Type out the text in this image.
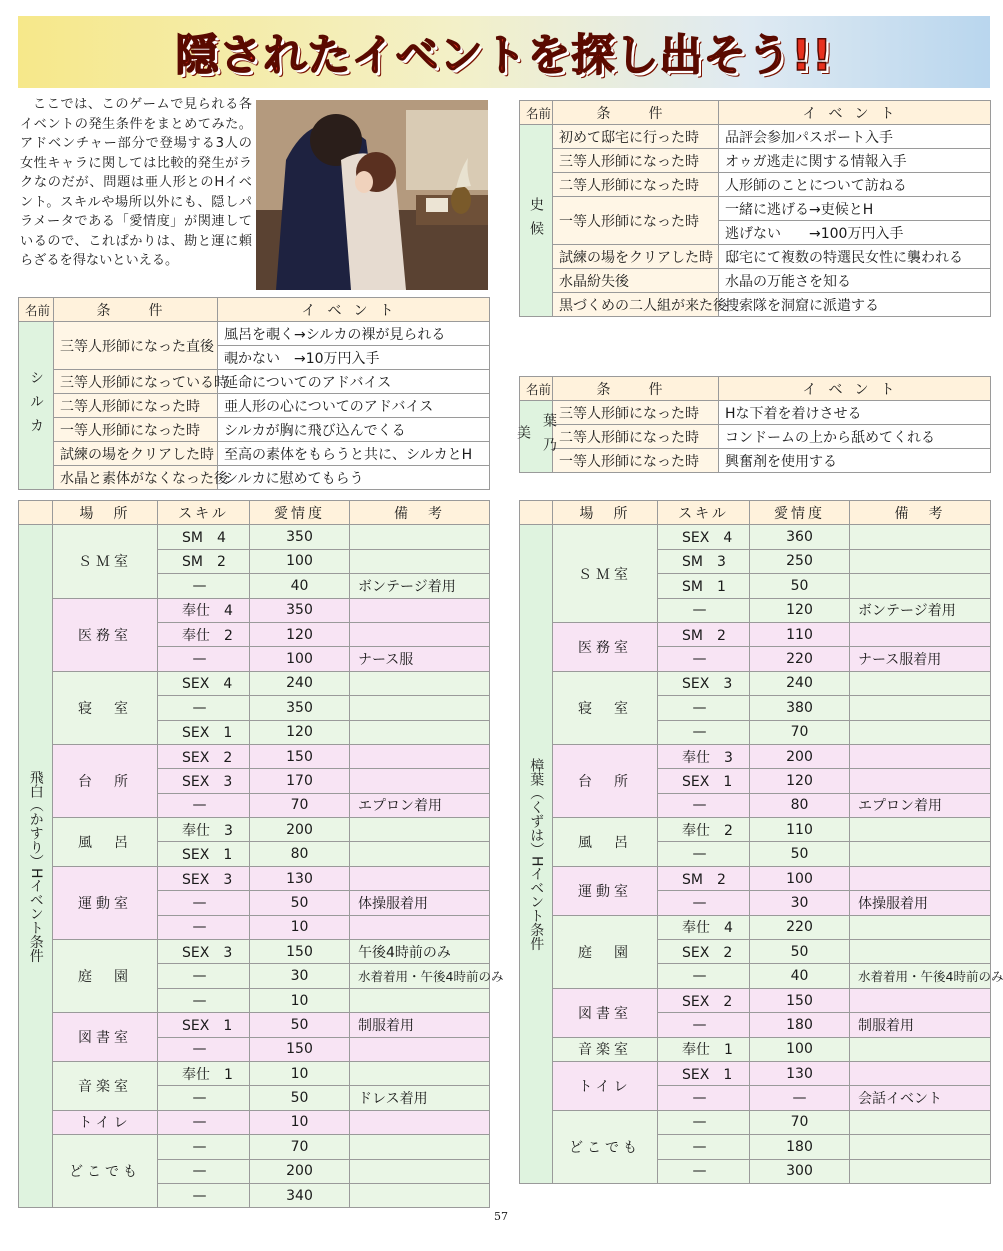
隠されたイベントを探し出そう!!

ここでは、このゲームで見られる各イベントの発生条件をまとめてみた。アドベンチャー部分で登場する3人の女性キャラに関しては比較的発生がラクなのだが、問題は亜人形とのHイベント。スキルや場所以外にも、隠しパラメータである「愛情度」が関連しているので、これぱかりは、勘と運に頼らざるを得ないといえる。

名前	条　件	イベント
シルカ	三等人形師になった直後	風呂を覗く→シルカの裸が見られる
		覗かない　→10万円入手
	三等人形師になっている時	延命についてのアドバイス
	二等人形師になった時	亜人形の心についてのアドバイス
	一等人形師になった時	シルカが胸に飛び込んでくる
	試練の場をクリアした時	至高の素体をもらうと共に、シルカとH
	水晶と素体がなくなった後	シルカに慰めてもらう
名前	条　件	イベント
史候	初めて邸宅に行った時	品評会参加パスポート入手
	三等人形師になった時	オゥガ逃走に関する情報入手
	二等人形師になった時	人形師のことについて訪ねる
	一等人形師になった時	一緒に逃げる→吏候とH
		逃げない　　→100万円入手
	試練の場をクリアした時	邸宅にて複数の特選民女性に襲われる
	水晶紛失後	水晶の万能さを知る
	黒づくめの二人組が来た後	捜索隊を洞窟に派遣する
名前	条　件	イベント
葉乃美	三等人形師になった時	Hな下着を着けさせる
	二等人形師になった時	コンドームの上から舐めてくれる
	一等人形師になった時	興奮剤を使用する
	場　所	スキル	愛情度	備　考
飛白（かすり）Hイベント条件	ＳＭ室	SM　4	350	
		SM　2	100	
		—	40	ボンテージ着用
	医務室	奉仕　4	350	
		奉仕　2	120	
		—	100	ナース服
	寝　室	SEX　4	240	
		—	350	
		SEX　1	120	
	台　所	SEX　2	150	
		SEX　3	170	
		—	70	エプロン着用
	風　呂	奉仕　3	200	
		SEX　1	80	
	運動室	SEX　3	130	
		—	50	体操服着用
		—	10	
	庭　園	SEX　3	150	午後4時前のみ
		—	30	水着着用・午後4時前のみ
		—	10	
	図書室	SEX　1	50	制服着用
		—	150	
	音楽室	奉仕　1	10	
		—	50	ドレス着用
	トイレ	—	10	
	どこでも	—	70	
		—	200	
		—	340	
	場　所	スキル	愛情度	備　考
樟葉（くずは）Hイベント条件	ＳＭ室	SEX　4	360	
		SM　3	250	
		SM　1	50	
		—	120	ボンテージ着用
	医務室	SM　2	110	
		—	220	ナース服着用
	寝　室	SEX　3	240	
		—	380	
		—	70	
	台　所	奉仕　3	200	
		SEX　1	120	
		—	80	エプロン着用
	風　呂	奉仕　2	110	
		—	50	
	運動室	SM　2	100	
		—	30	体操服着用
	庭　園	奉仕　4	220	
		SEX　2	50	
		—	40	水着着用・午後4時前のみ
	図書室	SEX　2	150	
		—	180	制服着用
	音楽室	奉仕　1	100	
	トイレ	SEX　1	130	
		—	—	会話イベント
	どこでも	—	70	
		—	180	
		—	300	
57
